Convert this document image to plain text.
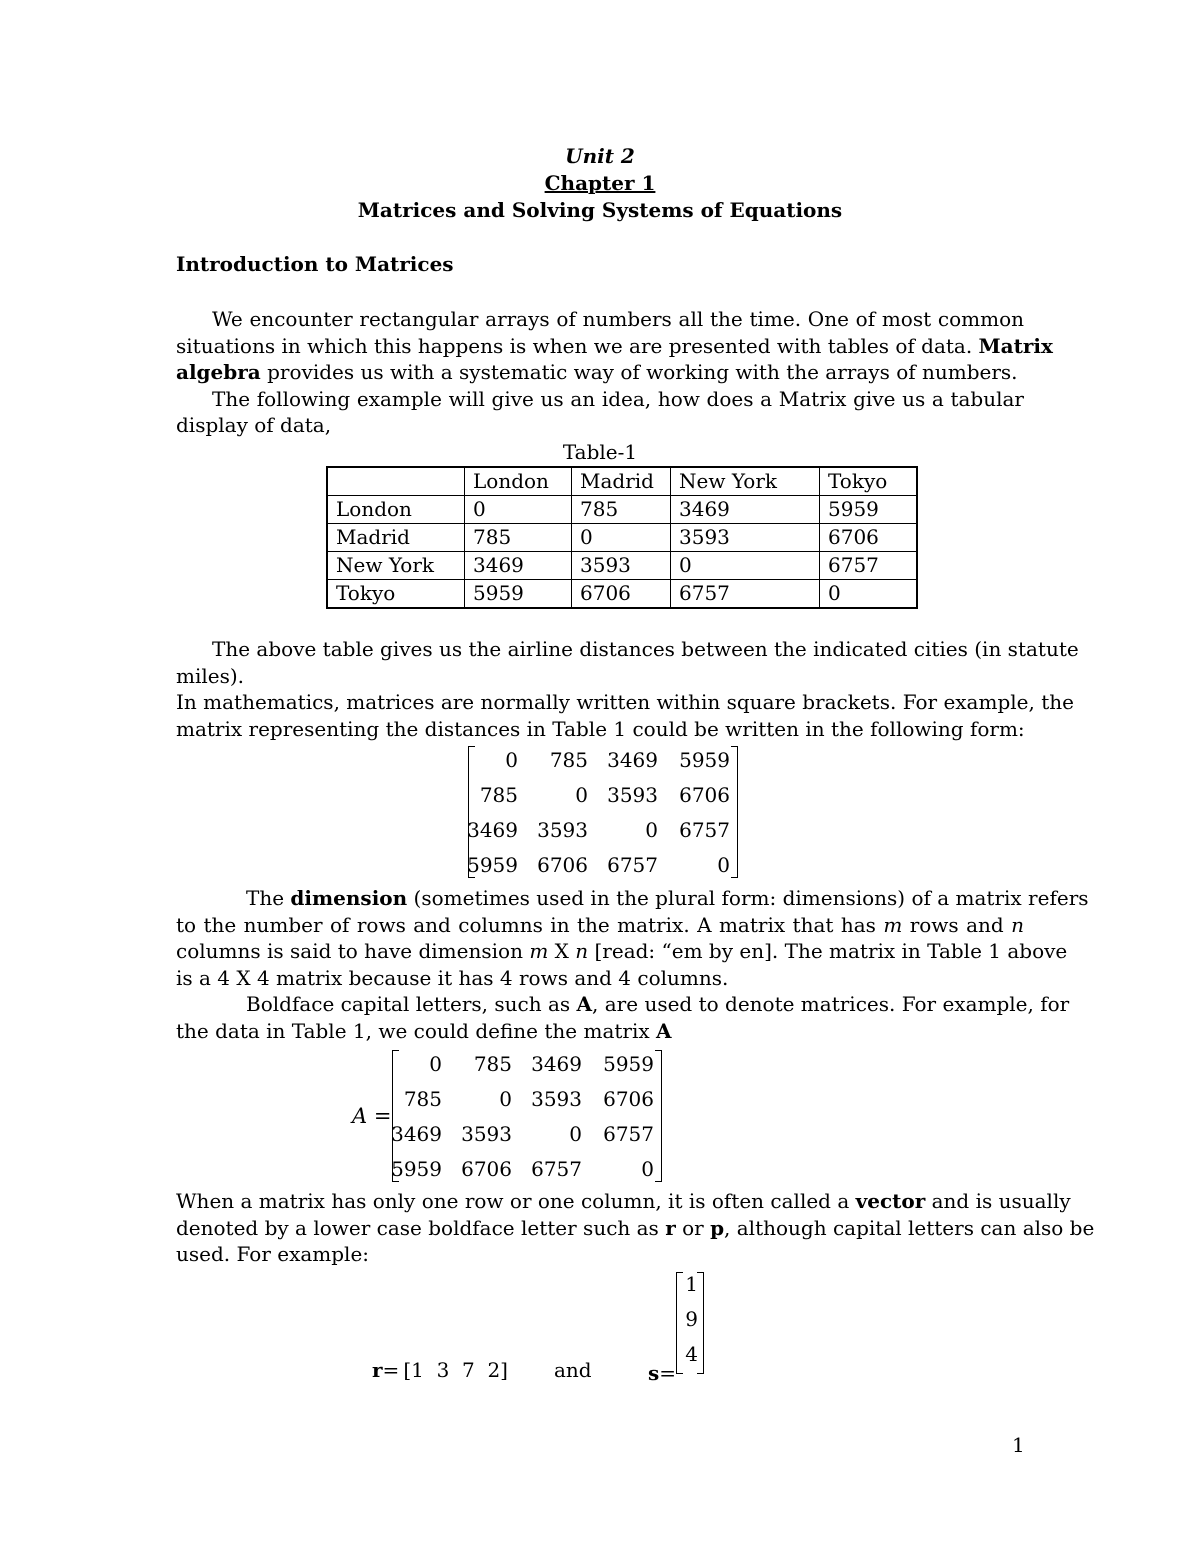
Unit 2
Chapter 1
Matrices and Solving Systems of Equations
Introduction to Matrices
We encounter rectangular arrays of numbers all the time. One of most common
situations in which this happens is when we are presented with tables of data. Matrix
algebra provides us with a systematic way of working with the arrays of numbers.
The following example will give us an idea, how does a Matrix give us a tabular
display of data,
Table-1
	London	Madrid	New York	Tokyo
London	0	785	3469	5959
Madrid	785	0	3593	6706
New York	3469	3593	0	6757
Tokyo	5959	6706	6757	0
The above table gives us the airline distances between the indicated cities (in statute
miles).
In mathematics, matrices are normally written within square brackets. For example, the
matrix representing the distances in Table 1 could be written in the following form:
0	785 3469	5959
785	0 3593	6706
3469 3593	0	6757
5959 6706 6757	0
The dimension (sometimes used in the plural form: dimensions) of a matrix refers
to the number of rows and columns in the matrix. A matrix that has m rows and n
columns is said to have dimension m X n [read: “em by en]. The matrix in Table 1 above
is a 4 X 4 matrix because it has 4 rows and 4 columns.
Boldface capital letters, such as A, are used to denote matrices. For example, for
the data in Table 1, we could define the matrix A
A =
0	785 3469	5959
785	0 3593	6706
3469 3593	0	6757
5959 6706 6757	0
When a matrix has only one row or one column, it is often called a vector and is usually
denoted by a lower case boldface letter such as r or p, although capital letters can also be
used. For example:
r= [1  3  7  2] and	s=
1
9
4
1
